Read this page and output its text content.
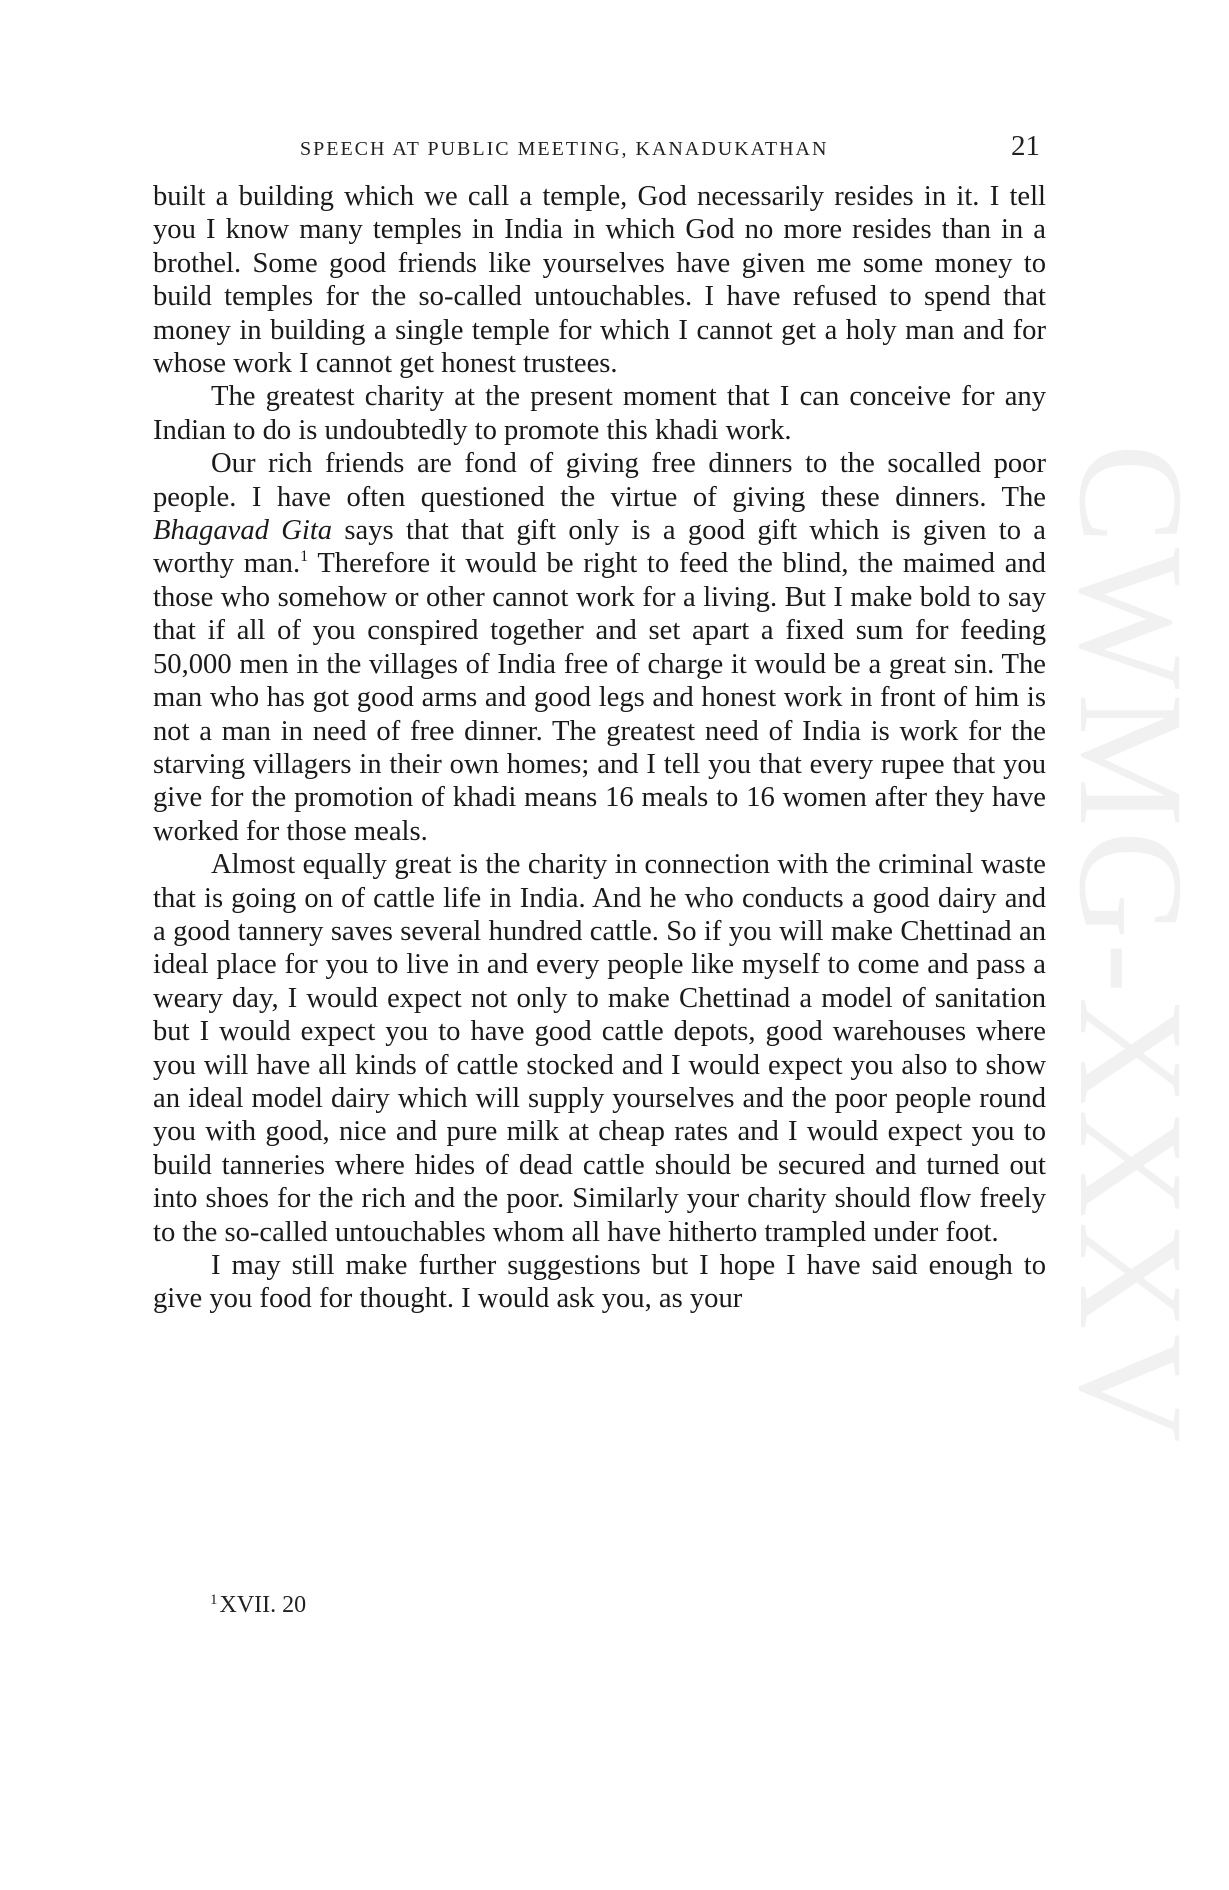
CWMG-XXXV
SPEECH AT PUBLIC MEETING, KANADUKATHAN	21

built a building which we call a temple, God necessarily resides in it. I tell you I know many temples in India in which God no more resides than in a brothel. Some good friends like yourselves have given me some money to build temples for the so-called untouchables. I have refused to spend that money in building a single temple for which I cannot get a holy man and for whose work I cannot get honest trustees.

The greatest charity at the present moment that I can conceive for any Indian to do is undoubtedly to promote this khadi work.

Our rich friends are fond of giving free dinners to the socalled poor people. I have often questioned the virtue of giving these dinners. The Bhagavad Gita says that that gift only is a good gift which is given to a worthy man.$^1$ Therefore it would be right to feed the blind, the maimed and those who somehow or other cannot work for a living. But I make bold to say that if all of you conspired together and set apart a fixed sum for feeding 50,000 men in the villages of India free of charge it would be a great sin. The man who has got good arms and good legs and honest work in front of him is not a man in need of free dinner. The greatest need of India is work for the starving villagers in their own homes; and I tell you that every rupee that you give for the promotion of khadi means 16 meals to 16 women after they have worked for those meals.

Almost equally great is the charity in connection with the criminal waste that is going on of cattle life in India. And he who conducts a good dairy and a good tannery saves several hundred cattle. So if you will make Chettinad an ideal place for you to live in and every people like myself to come and pass a weary day, I would expect not only to make Chettinad a model of sanitation but I would expect you to have good cattle depots, good warehouses where you will have all kinds of cattle stocked and I would expect you also to show an ideal model dairy which will supply yourselves and the poor people round you with good, nice and pure milk at cheap rates and I would expect you to build tanneries where hides of dead cattle should be secured and turned out into shoes for the rich and the poor. Similarly your charity should flow freely to the so-called untouchables whom all have hitherto trampled under foot.

I may still make further suggestions but I hope I have said enough to give you food for thought. I would ask you, as your

$^1$XVII. 20
